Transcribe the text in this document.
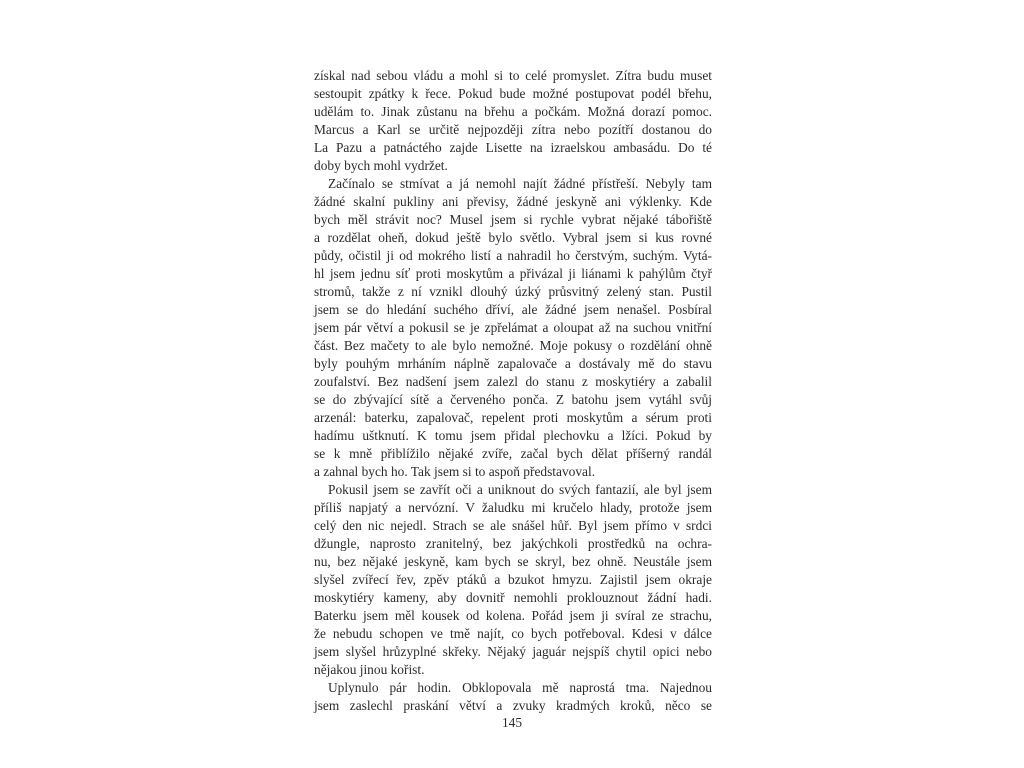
získal nad sebou vládu a mohl si to celé promyslet. Zítra budu muset
sestoupit zpátky k řece. Pokud bude možné postupovat podél břehu,
udělám to. Jinak zůstanu na břehu a počkám. Možná dorazí pomoc.
Marcus a Karl se určitě nejpozději zítra nebo pozítří dostanou do
La Pazu a patnáctého zajde Lisette na izraelskou ambasádu. Do té
doby bych mohl vydržet.
Začínalo se stmívat a já nemohl najít žádné přístřeší. Nebyly tam
žádné skalní pukliny ani převisy, žádné jeskyně ani výklenky. Kde
bych měl strávit noc? Musel jsem si rychle vybrat nějaké tábořiště
a rozdělat oheň, dokud ještě bylo světlo. Vybral jsem si kus rovné
půdy, očistil ji od mokrého listí a nahradil ho čerstvým, suchým. Vytá-
hl jsem jednu síť proti moskytům a přivázal ji liánami k pahýlům čtyř
stromů, takže z ní vznikl dlouhý úzký průsvitný zelený stan. Pustil
jsem se do hledání suchého dříví, ale žádné jsem nenašel. Posbíral
jsem pár větví a pokusil se je zpřelámat a oloupat až na suchou vnitřní
část. Bez mačety to ale bylo nemožné. Moje pokusy o rozdělání ohně
byly pouhým mrháním náplně zapalovače a dostávaly mě do stavu
zoufalství. Bez nadšení jsem zalezl do stanu z moskytiéry a zabalil
se do zbývající sítě a červeného ponča. Z batohu jsem vytáhl svůj
arzenál: baterku, zapalovač, repelent proti moskytům a sérum proti
hadímu uštknutí. K tomu jsem přidal plechovku a lžíci. Pokud by
se k mně přiblížilo nějaké zvíře, začal bych dělat příšerný randál
a zahnal bych ho. Tak jsem si to aspoň představoval.
Pokusil jsem se zavřít oči a uniknout do svých fantazií, ale byl jsem
příliš napjatý a nervózní. V žaludku mi kručelo hlady, protože jsem
celý den nic nejedl. Strach se ale snášel hůř. Byl jsem přímo v srdci
džungle, naprosto zranitelný, bez jakýchkoli prostředků na ochra-
nu, bez nějaké jeskyně, kam bych se skryl, bez ohně. Neustále jsem
slyšel zvířecí řev, zpěv ptáků a bzukot hmyzu. Zajistil jsem okraje
moskytiéry kameny, aby dovnitř nemohli proklouznout žádní hadi.
Baterku jsem měl kousek od kolena. Pořád jsem ji svíral ze strachu,
že nebudu schopen ve tmě najít, co bych potřeboval. Kdesi v dálce
jsem slyšel hrůzyplné skřeky. Nějaký jaguár nejspíš chytil opici nebo
nějakou jinou kořist.
Uplynulo pár hodin. Obklopovala mě naprostá tma. Najednou
jsem zaslechl praskání větví a zvuky kradmých kroků, něco se
145
